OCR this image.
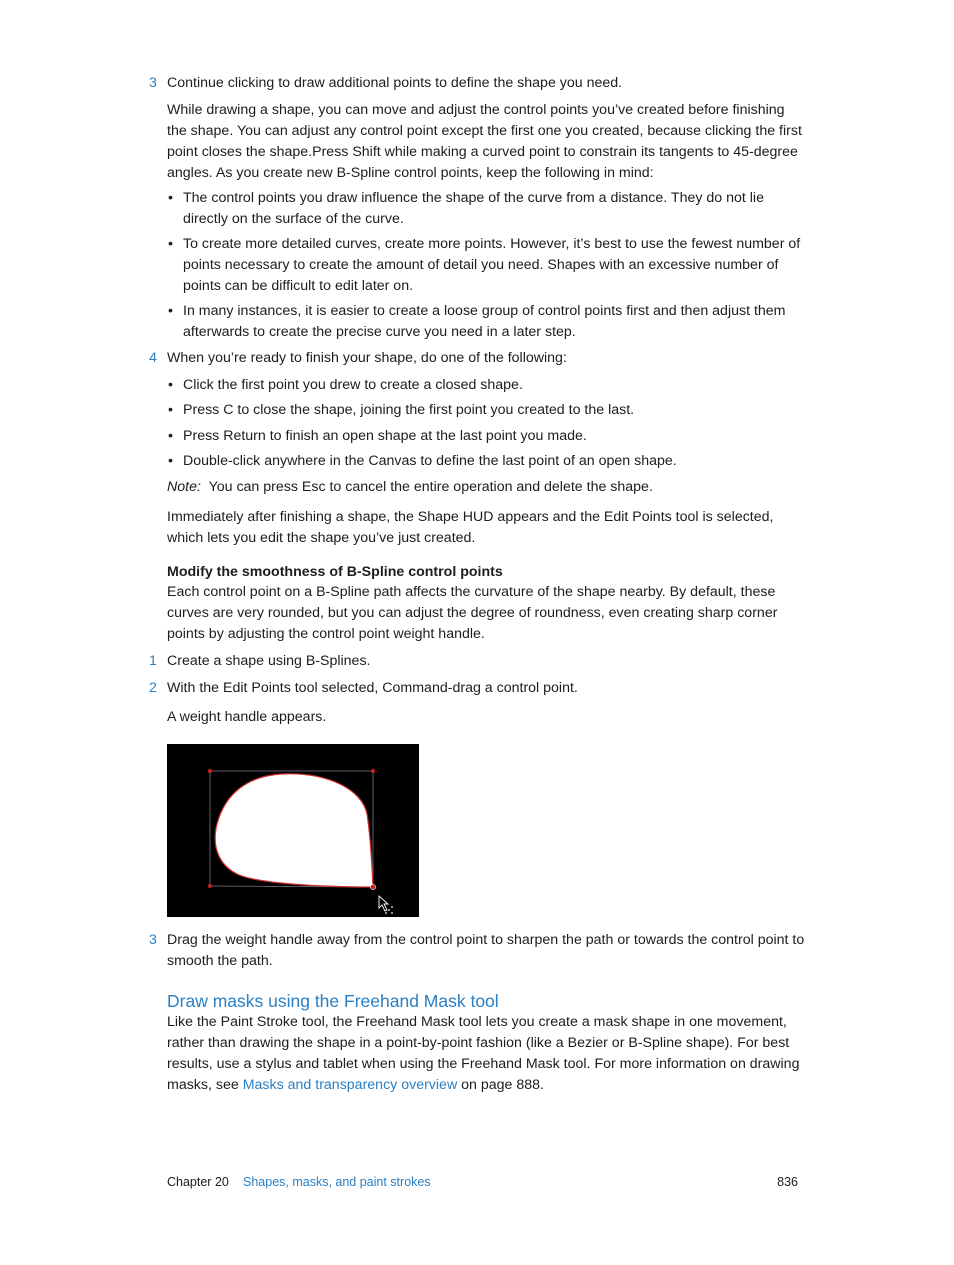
3 Continue clicking to draw additional points to define the shape you need.
While drawing a shape, you can move and adjust the control points you’ve created before finishing the shape. You can adjust any control point except the first one you created, because clicking the first point closes the shape.Press Shift while making a curved point to constrain its tangents to 45-degree angles. As you create new B-Spline control points, keep the following in mind:
• The control points you draw influence the shape of the curve from a distance. They do not lie directly on the surface of the curve.
• To create more detailed curves, create more points. However, it’s best to use the fewest number of points necessary to create the amount of detail you need. Shapes with an excessive number of points can be difficult to edit later on.
• In many instances, it is easier to create a loose group of control points first and then adjust them afterwards to create the precise curve you need in a later step.
4 When you’re ready to finish your shape, do one of the following:
• Click the first point you drew to create a closed shape.
• Press C to close the shape, joining the first point you created to the last.
• Press Return to finish an open shape at the last point you made.
• Double-click anywhere in the Canvas to define the last point of an open shape.
Note: You can press Esc to cancel the entire operation and delete the shape.
Immediately after finishing a shape, the Shape HUD appears and the Edit Points tool is selected, which lets you edit the shape you’ve just created.
Modify the smoothness of B-Spline control points
Each control point on a B-Spline path affects the curvature of the shape nearby. By default, these curves are very rounded, but you can adjust the degree of roundness, even creating sharp corner points by adjusting the control point weight handle.
1 Create a shape using B-Splines.
2 With the Edit Points tool selected, Command-drag a control point.
A weight handle appears.
3 Drag the weight handle away from the control point to sharpen the path or towards the control point to smooth the path.
Draw masks using the Freehand Mask tool
Like the Paint Stroke tool, the Freehand Mask tool lets you create a mask shape in one movement, rather than drawing the shape in a point-by-point fashion (like a Bezier or B-Spline shape). For best results, use a stylus and tablet when using the Freehand Mask tool. For more information on drawing masks, see Masks and transparency overview on page 888.
Chapter 20 Shapes, masks, and paint strokes	836
